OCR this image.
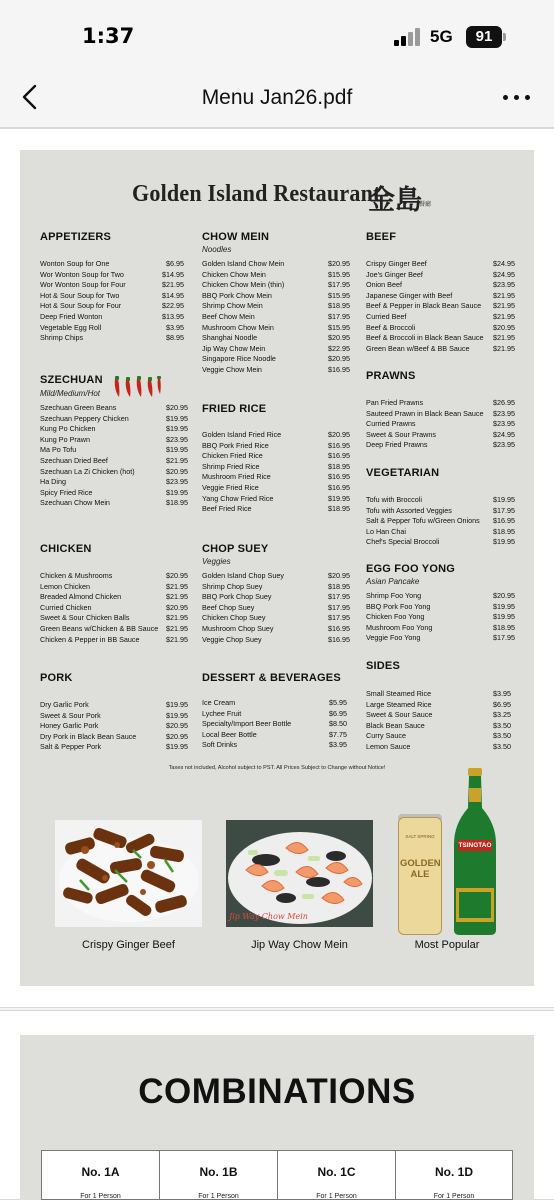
1:37	5G	91
Menu Jan26.pdf
Golden Island Restaurant
金島
餐廳
APPETIZERS
Wonton Soup for One	$6.95
Wor Wonton Soup for Two	$14.95
Wor Wonton Soup for Four	$21.95
Hot & Sour Soup for Two	$14.95
Hot & Sour Soup for Four	$22.95
Deep Fried Wonton	$13.95
Vegetable Egg Roll	$3.95
Shrimp Chips	$8.95
SZECHUAN
Mild/Medium/Hot
Szechuan Green Beans	$20.95
Szechuan Peppery Chicken	$19.95
Kung Po Chicken	$19.95
Kung Po Prawn	$23.95
Ma Po Tofu	$19.95
Szechuan Dried Beef	$21.95
Szechuan La Zi Chicken (hot)	$20.95
Ha Ding	$23.95
Spicy Fried Rice	$19.95
Szechuan Chow Mein	$18.95
CHICKEN
Chicken & Mushrooms	$20.95
Lemon Chicken	$21.95
Breaded Almond Chicken	$21.95
Curried Chicken	$20.95
Sweet & Sour Chicken Balls	$21.95
Green Beans w/Chicken & BB Sauce $21.95
Chicken & Pepper in BB Sauce	$21.95
PORK
Dry Garlic Pork	$19.95
Sweet & Sour Pork	$19.95
Honey Garlic Pork	$20.95
Dry Pork in Black Bean Sauce	$20.95
Salt & Pepper Pork	$19.95
CHOW MEIN
Noodles
Golden Island Chow Mein	$20.95
Chicken Chow Mein	$15.95
Chicken Chow Mein (thin)	$17.95
BBQ Pork Chow Mein	$15.95
Shrimp Chow Mein	$18.95
Beef Chow Mein	$17.95
Mushroom Chow Mein	$15.95
Shanghai Noodle	$20.95
Jip Way Chow Mein	$22.95
Singapore Rice Noodle	$20.95
Veggie Chow Mein	$16.95
FRIED RICE
Golden Island Fried Rice	$20.95
BBQ Pork Fried Rice	$16.95
Chicken Fried Rice	$16.95
Shrimp Fried Rice	$18.95
Mushroom Fried Rice	$16.95
Veggie Fried Rice	$16.95
Yang Chow Fried Rice	$19.95
Beef Fried Rice	$18.95
CHOP SUEY
Veggies
Golden Island Chop Suey	$20.95
Shrimp Chop Suey	$18.95
BBQ Pork Chop Suey	$17.95
Beef Chop Suey	$17.95
Chicken Chop Suey	$17.95
Mushroom Chop Suey	$16.95
Veggie Chop Suey	$16.95
DESSERT & BEVERAGES
Ice Cream	$5.95
Lychee Fruit	$6.95
Specialty/Import Beer Bottle	$8.50
Local Beer Bottle	$7.75
Soft Drinks	$3.95
BEEF
Crispy Ginger Beef	$24.95
Joe's Ginger Beef	$24.95
Onion Beef	$23.95
Japanese Ginger with Beef	$21.95
Beef & Pepper in Black Bean Sauce $21.95
Curried Beef	$21.95
Beef & Broccoli	$20.95
Beef & Broccoli in Black Bean Sauce $21.95
Green Bean w/Beef & BB Sauce	$21.95
PRAWNS
Pan Fried Prawns	$26.95
Sauteed Prawn in Black Bean Sauce $23.95
Curried Prawns	$23.95
Sweet & Sour Prawns	$24.95
Deep Fried Prawns	$23.95
VEGETARIAN
Tofu with Broccoli	$19.95
Tofu with Assorted Veggies	$17.95
Salt & Pepper Tofu w/Green Onions $16.95
Lo Han Chai	$18.95
Chef's Special Broccoli	$19.95
EGG FOO YONG
Asian Pancake
Shrimp Foo Yong	$20.95
BBQ Pork Foo Yong	$19.95
Chicken Foo Yong	$19.95
Mushroom Foo Yong	$18.95
Veggie Foo Yong	$17.95
SIDES
Small Steamed Rice	$3.95
Large Steamed Rice	$6.95
Sweet & Sour Sauce	$3.25
Black Bean Sauce	$3.50
Curry Sauce	$3.50
Lemon Sauce	$3.50
Taxes not included, Alcohol subject to PST. All Prices Subject to Change without Notice!
Jip Way Chow Mein
SALT SPRING
GOLDEN ALE
TSINGTAO
Crispy Ginger Beef	Jip Way Chow Mein	Most Popular
COMBINATIONS
No. 1A
For 1 Person
No. 1B
For 1 Person
No. 1C
For 1 Person
No. 1D
For 1 Person
